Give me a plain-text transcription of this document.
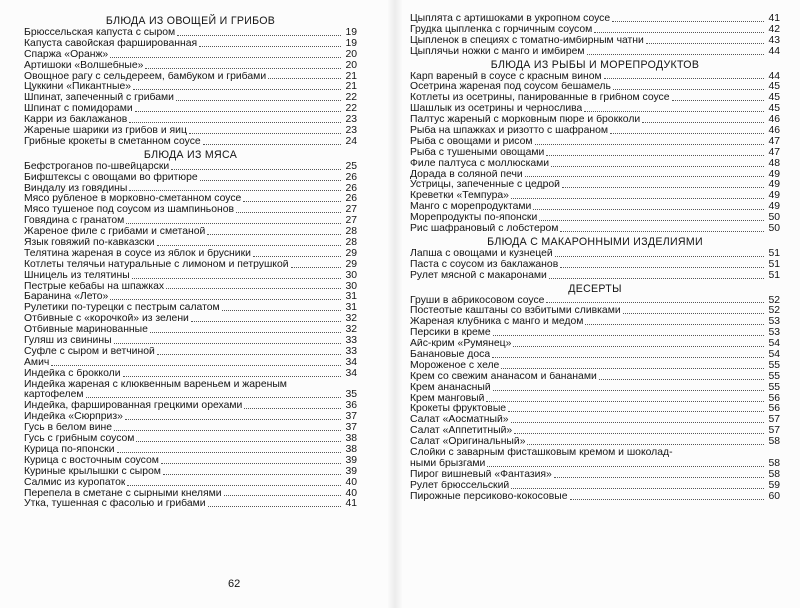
БЛЮДА ИЗ ОВОЩЕЙ И ГРИБОВ
Брюссельская капуста с сыром	19
Капуста савойская фаршированная	19
Спаржа «Оранж»	20
Артишоки «Волшебные»	20
Овощное рагу с сельдереем, бамбуком и грибами	21
Цуккини «Пикантные»	21
Шпинат, запеченный с грибами	22
Шпинат с помидорами	22
Карри из баклажанов	23
Жареные шарики из грибов и яиц	23
Грибные крокеты в сметанном соусе	24
БЛЮДА ИЗ МЯСА
Бефстроганов по-швейцарски	25
Бифштексы с овощами во фритюре	26
Виндалу из говядины	26
Мясо рубленое в морковно-сметанном соусе	26
Мясо тушеное под соусом из шампиньонов	27
Говядина с гранатом	27
Жареное филе с грибами и сметаной	28
Язык говяжий по-кавказски	28
Телятина жареная в соусе из яблок и брусники	29
Котлеты телячьи натуральные с лимоном и петрушкой	29
Шницель из телятины	30
Пестрые кебабы на шпажках	30
Баранина «Лето»	31
Рулетики по-турецки с пестрым салатом	31
Отбивные с «корочкой» из зелени	32
Отбивные маринованные	32
Гуляш из свинины	33
Суфле с сыром и ветчиной	33
Амич	34
Индейка с брокколи	34
Индейка жареная с клюквенным вареньем и жареным
картофелем	35
Индейка, фаршированная грецкими орехами	36
Индейка «Сюрприз»	37
Гусь в белом вине	37
Гусь с грибным соусом	38
Курица по-японски	38
Курица с восточным соусом	39
Куриные крылышки с сыром	39
Салмис из куропаток	40
Перепела в сметане с сырными кнелями	40
Утка, тушенная с фасолью и грибами	41
Цыплята с артишоками в укропном соусе	41
Грудка цыпленка с горчичным соусом	42
Цыпленок в специях с томатно-имбирным чатни	43
Цыплячьи ножки с манго и имбирем	44
БЛЮДА ИЗ РЫБЫ И МОРЕПРОДУКТОВ
Карп вареный в соусе с красным вином	44
Осетрина жареная под соусом бешамель	45
Котлеты из осетрины, панированные в грибном соусе	45
Шашлык из осетрины и чернослива	45
Палтус жареный с морковным пюре и брокколи	46
Рыба на шпажках и ризотто с шафраном	46
Рыба с овощами и рисом	47
Рыба с тушеными овощами	47
Филе палтуса с моллюсками	48
Дорада в соляной печи	49
Устрицы, запеченные с цедрой	49
Креветки «Темпура»	49
Манго с морепродуктами	49
Морепродукты по-японски	50
Рис шафрановый с лобстером	50
БЛЮДА С МАКАРОННЫМИ ИЗДЕЛИЯМИ
Лапша с овощами и кузнецей	51
Паста с соусом из баклажанов	51
Рулет мясной с макаронами	51
ДЕСЕРТЫ
Груши в абрикосовом соусе	52
Постеотые каштаны со взбитыми сливками	52
Жареная клубника с манго и медом	53
Персики в креме	53
Айс-крим «Румянец»	54
Банановые доса	54
Мороженое с хеле	55
Крем со свежим ананасом и бананами	55
Крем ананасный	55
Крем манговый	56
Крокеты фруктовые	56
Салат «Аосматный»	57
Салат «Аппетитный»	57
Салат «Оригинальный»	58
Слойки с заварным фисташковым кремом и шоколад-
ными брызгами	58
Пирог вишневый «Фантазия»	58
Рулет брюссельский	59
Пирожные персиково-кокосовые	60
62
